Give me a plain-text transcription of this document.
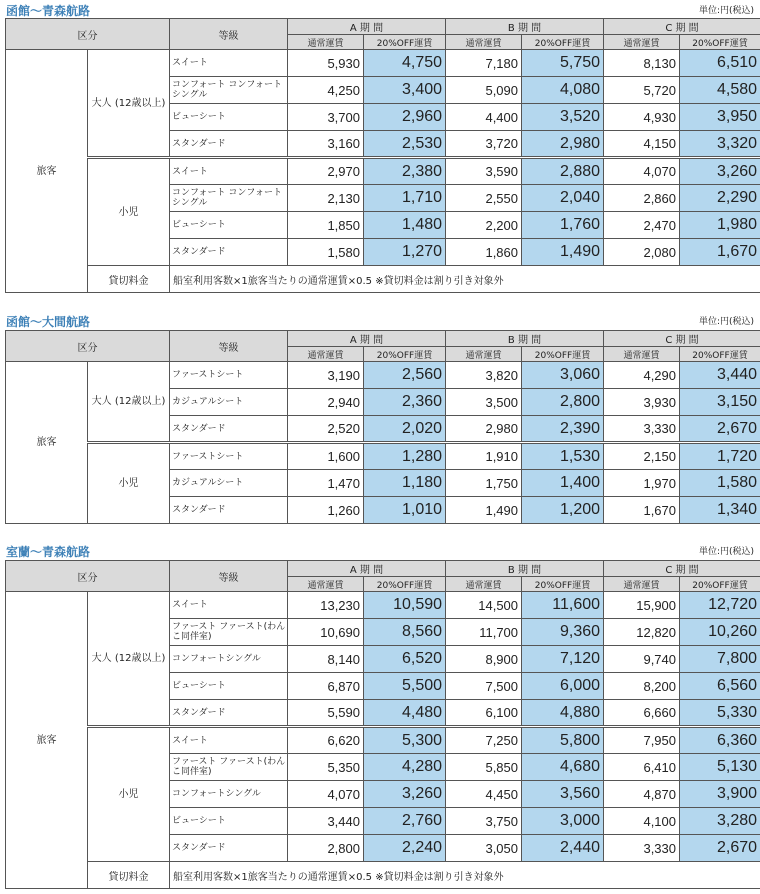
函館～青森航路	単位:円(税込)
区分		等級	A 期 間		B 期 間		C 期 間	
			通常運賃	20%OFF運賃	通常運賃	20%OFF運賃	通常運賃	20%OFF運賃
旅客	大人 (12歳以上)	スイート	5,930	4,750	7,180	5,750	8,130	6,510
		コンフォート コンフォートシングル	4,250	3,400	5,090	4,080	5,720	4,580
		ビューシート	3,700	2,960	4,400	3,520	4,930	3,950
		スタンダード	3,160	2,530	3,720	2,980	4,150	3,320
	小児	スイート	2,970	2,380	3,590	2,880	4,070	3,260
		コンフォート コンフォートシングル	2,130	1,710	2,550	2,040	2,860	2,290
		ビューシート	1,850	1,480	2,200	1,760	2,470	1,980
		スタンダード	1,580	1,270	1,860	1,490	2,080	1,670
	貸切料金	船室利用客数×1旅客当たりの通常運賃×0.5 ※貸切料金は割り引き対象外						
函館～大間航路	単位:円(税込)
区分		等級	A 期 間		B 期 間		C 期 間	
			通常運賃	20%OFF運賃	通常運賃	20%OFF運賃	通常運賃	20%OFF運賃
旅客	大人 (12歳以上)	ファーストシート	3,190	2,560	3,820	3,060	4,290	3,440
		カジュアルシート	2,940	2,360	3,500	2,800	3,930	3,150
		スタンダード	2,520	2,020	2,980	2,390	3,330	2,670
	小児	ファーストシート	1,600	1,280	1,910	1,530	2,150	1,720
		カジュアルシート	1,470	1,180	1,750	1,400	1,970	1,580
		スタンダード	1,260	1,010	1,490	1,200	1,670	1,340
室蘭～青森航路	単位:円(税込)
区分		等級	A 期 間		B 期 間		C 期 間	
			通常運賃	20%OFF運賃	通常運賃	20%OFF運賃	通常運賃	20%OFF運賃
旅客	大人 (12歳以上)	スイート	13,230	10,590	14,500	11,600	15,900	12,720
		ファースト ファースト(わんこ同伴室)	10,690	8,560	11,700	9,360	12,820	10,260
		コンフォートシングル	8,140	6,520	8,900	7,120	9,740	7,800
		ビューシート	6,870	5,500	7,500	6,000	8,200	6,560
		スタンダード	5,590	4,480	6,100	4,880	6,660	5,330
	小児	スイート	6,620	5,300	7,250	5,800	7,950	6,360
		ファースト ファースト(わんこ同伴室)	5,350	4,280	5,850	4,680	6,410	5,130
		コンフォートシングル	4,070	3,260	4,450	3,560	4,870	3,900
		ビューシート	3,440	2,760	3,750	3,000	4,100	3,280
		スタンダード	2,800	2,240	3,050	2,440	3,330	2,670
	貸切料金	船室利用客数×1旅客当たりの通常運賃×0.5 ※貸切料金は割り引き対象外						
